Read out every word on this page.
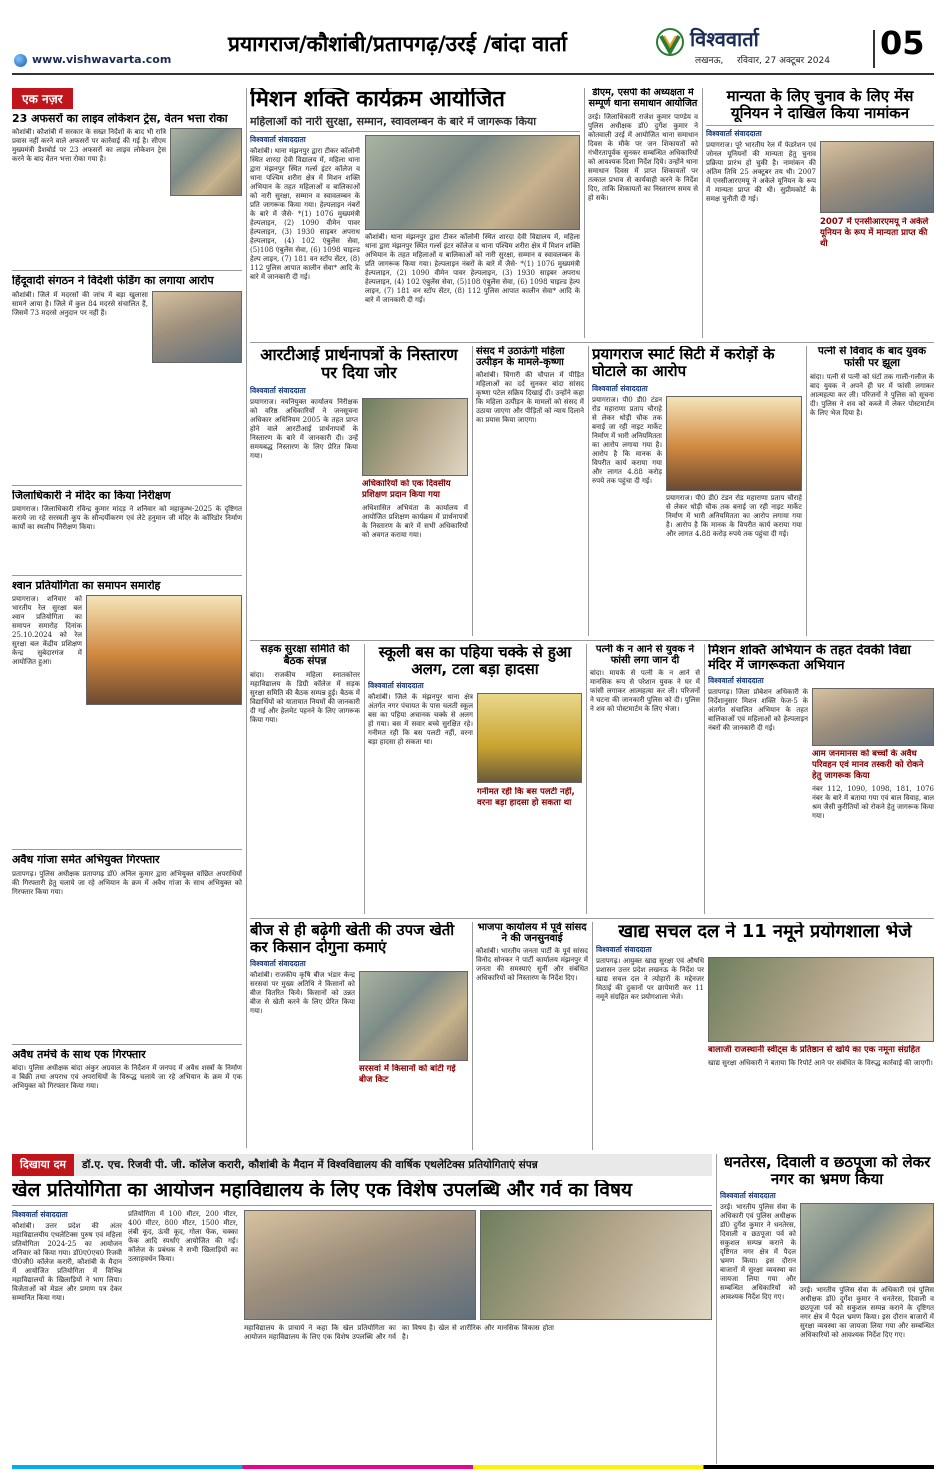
प्रयागराज/कौशांबी/प्रतापगढ़/उरई /बांदा वार्ता
www.vishwavarta.com
विश्ववार्ता
लखनऊ, रविवार, 27 अक्टूबर 2024 05
एक नज़र
23 अफसरों का लाइव लोकेशन ट्रेस, वेतन भत्ता रोका
कौशांबी। कौशांबी में सरकार के सख्त निर्देशों के बाद भी रात्रि प्रवास नहीं करने वाले अफसरों पर कार्रवाई की गई है। सीएम मुख्यमंत्री डैशबोर्ड पर 23 अफसरों का लाइव लोकेशन ट्रेस करने के बाद वेतन भत्ता रोका गया है।
हिंदूवादी संगठन ने विदेशी फंडिंग का लगाया आरोप
कौशांबी। जिले में मदरसों की जांच में बड़ा खुलासा सामने आया है। जिले में कुल 84 मदरसे संचालित हैं, जिसमें 73 मदरसे अनुदान पर नहीं हैं।
जिलाधिकारी ने मंदिर का किया निरीक्षण
प्रयागराज। जिलाधिकारी रविन्द्र कुमार मांदड़ ने शनिवार को महाकुम्भ-2025 के दृष्टिगत कराये जा रहे सरस्वती कूप के सौन्दर्यीकरण एवं लेटे हनुमान जी मंदिर के कॉरिडोर निर्माण कार्यों का स्थलीय निरीक्षण किया।
श्वान प्रतियोगिता का समापन समारोह
प्रयागराज। शनिवार को भारतीय रेल सुरक्षा बल श्वान प्रतियोगिता का समापन समारोह दिनांक 25.10.2024 को रेल सुरक्षा बल केंद्रीय प्रशिक्षण केन्द्र सुबेदारगंज में आयोजित हुआ।
अवैध गांजा समेत अभियुक्त गिरफ्तार
प्रतापगढ़। पुलिस अधीक्षक प्रतापगढ़ डॉ0 अनिल कुमार द्वारा अभियुक्त वांछित अपराधियों की गिरफ्तारी हेतु चलाये जा रहे अभियान के क्रम में अवैध गांजा के साथ अभियुक्त को गिरफ्तार किया गया।
अवैध तमंचे के साथ एक गिरफ्तार
बांदा। पुलिस अधीक्षक बांदा अंकुर अग्रवाल के निर्देशन में जनपद में अवैध शस्त्रों के निर्माण व बिक्री तथा अपराध एवं अपराधियों के विरूद्ध चलाये जा रहे अभियान के क्रम में एक अभियुक्त को गिरफ्तार किया गया।
मिशन शक्ति कार्यक्रम आयोजित
महिलाओं को नारी सुरक्षा, सम्मान, स्वावलम्बन के बारे में जागरूक किया
विश्ववार्ता संवाददाता
कौशांबी। थाना मंझनपुर द्वारा टीकर कॉलोनी स्थित शारदा देवी विद्यालय में, महिला थाना द्वारा मंझनपुर स्थित गर्ल्स इंटर कॉलेज व थाना पश्चिम शरीरा क्षेत्र में मिशन शक्ति अभियान के तहत महिलाओं व बालिकाओं को नारी सुरक्षा, सम्मान व स्वावलम्बन के प्रति जागरूक किया गया। हेल्पलाइन नंबरों के बारे में जैसे- *(1) 1076 मुख्यमंत्री हेल्पलाइन, (2) 1090 वीमेन पावर हेल्पलाइन, (3) 1930 साइबर अपराध हेल्पलाइन, (4) 102 एंबुलेंस सेवा, (5)108 एंबुलेंस सेवा, (6) 1098 चाइल्ड हेल्प लाइन, (7) 181 वन स्टॉप सेंटर, (8) 112 पुलिस आपात कालीन सेवा* आदि के बारे में जानकारी दी गई।
कौशांबी। थाना मंझनपुर द्वारा टीकर कॉलोनी स्थित शारदा देवी विद्यालय में, महिला थाना द्वारा मंझनपुर स्थित गर्ल्स इंटर कॉलेज व थाना पश्चिम शरीरा क्षेत्र में मिशन शक्ति अभियान के तहत महिलाओं व बालिकाओं को नारी सुरक्षा, सम्मान व स्वावलम्बन के प्रति जागरूक किया गया। हेल्पलाइन नंबरों के बारे में जैसे- *(1) 1076 मुख्यमंत्री हेल्पलाइन, (2) 1090 वीमेन पावर हेल्पलाइन, (3) 1930 साइबर अपराध हेल्पलाइन, (4) 102 एंबुलेंस सेवा, (5)108 एंबुलेंस सेवा, (6) 1098 चाइल्ड हेल्प लाइन, (7) 181 वन स्टॉप सेंटर, (8) 112 पुलिस आपात कालीन सेवा* आदि के बारे में जानकारी दी गई।
डीएम, एसपी की अध्यक्षता में सम्पूर्ण थाना समाधान आयोजित
उरई। जिलाधिकारी राजेश कुमार पाण्डेय व पुलिस अधीक्षक डॉ0 दुर्गेश कुमार ने कोतवाली उरई में आयोजित थाना समाधान दिवस के मौके पर जन शिकायतों को गंभीरतापूर्वक सुनकर सम्बन्धित अधिकारियों को आवश्यक दिशा निर्देश दिये। उन्होंने थाना समाधान दिवस में प्राप्त शिकायतों पर तत्काल प्रभाव से कार्यवाही करने के निर्देश दिए, ताकि शिकायतों का निस्तारण समय से हो सके।
मान्यता के लिए चुनाव के लिए मेंस यूनियन ने दाखिल किया नामांकन
विश्ववार्ता संवाददाता
प्रयागराज। पूरे भारतीय रेल में फेडरेशन एवं जोनल यूनियनों की मान्यता हेतु चुनाव प्रक्रिया प्रारंभ हो चुकी है। नामांकन की अंतिम तिथि 25 अक्टूबर तय थी। 2007 में एनसीआरएमयू ने अकेले यूनियन के रूप में मान्यता प्राप्त की थी। सुप्रीमकोर्ट के समक्ष चुनौती दी गई।
2007 में एनसीआरएमयू ने अकेले यूनियन के रूप में मान्यता प्राप्त की थी
आरटीआई प्रार्थनापत्रों के निस्तारण पर दिया जोर
विश्ववार्ता संवाददाता
प्रयागराज। नवनियुक्त कार्यालय निरीक्षक को वरिष्ठ अधिकारियों ने जनसूचना अधिकार अधिनियम 2005 के तहत प्राप्त होने वाले आरटीआई प्रार्थनापत्रों के निस्तारण के बारे में जानकारी दी। उन्हें समयबद्ध निस्तारण के लिए प्रेरित किया गया।
अधिकारियों को एक दिवसीय प्रशिक्षण प्रदान किया गया
अधिशासित अभियंता के कार्यालय में आयोजित प्रशिक्षण कार्यक्रम में प्रार्थनापत्रों के निस्तारण के बारे में सभी अधिकारियों को अवगत कराया गया।
संसद में उठाऊंगी महिला उत्पीड़न के मामले-कृष्णा
कौशांबी। चिंगारी की चौपाल में पीड़ित महिलाओं का दर्द सुनकर बांदा सांसद कृष्णा पटेल सक्रिय दिखाई दीं। उन्होंने कहा कि महिला उत्पीड़न के मामलों को संसद में उठाया जाएगा और पीड़ितों को न्याय दिलाने का प्रयास किया जाएगा।
प्रयागराज स्मार्ट सिटी में करोड़ों के घोटाले का आरोप
विश्ववार्ता संवाददाता
प्रयागराज। पी0 डी0 टंडन रोड महाराणा प्रताप चौराहे से लेकर थोड़ी चौक तक बनाई जा रही नाइट मार्केट निर्माण में भारी अनियमितता का आरोप लगाया गया है। आरोप है कि मानक के विपरीत कार्य कराया गया और लागत 4.88 करोड़ रुपये तक पहुंचा दी गई।
प्रयागराज। पी0 डी0 टंडन रोड महाराणा प्रताप चौराहे से लेकर थोड़ी चौक तक बनाई जा रही नाइट मार्केट निर्माण में भारी अनियमितता का आरोप लगाया गया है। आरोप है कि मानक के विपरीत कार्य कराया गया और लागत 4.88 करोड़ रुपये तक पहुंचा दी गई।
पत्नी से विवाद के बाद युवक फांसी पर झूला
बांदा। पत्नी से पत्नी को घंटों तक गाली-गलौज के बाद युवक ने अपने ही घर में फांसी लगाकर आत्महत्या कर ली। परिजनों ने पुलिस को सूचना दी। पुलिस ने शव को कब्जे में लेकर पोस्टमार्टम के लिए भेज दिया है।
सड़क सुरक्षा समिति की बैठक संपन्न
बांदा। राजकीय महिला स्नातकोत्तर महाविद्यालय के डिग्री कॉलेज में सड़क सुरक्षा समिति की बैठक सम्पन्न हुई। बैठक में विद्यार्थियों को यातायात नियमों की जानकारी दी गई और हेलमेट पहनने के लिए जागरूक किया गया।
स्कूली बस का पहिया चक्के से हुआ अलग, टला बड़ा हादसा
विश्ववार्ता संवाददाता
कौशांबी। जिले के मंझनपुर थाना क्षेत्र अंतर्गत नगर पंचायत के पास चलती स्कूल बस का पहिया अचानक चक्के से अलग हो गया। बस में सवार बच्चे सुरक्षित रहे। गनीमत रही कि बस पलटी नहीं, वरना बड़ा हादसा हो सकता था।
गनीमत रही कि बस पलटी नहीं, वरना बड़ा हादसा हो सकता था
पत्नी के न आने से युवक ने फांसी लगा जान दी
बांदा। मायके से पत्नी के न आने से मानसिक रूप से परेशान युवक ने घर में फांसी लगाकर आत्महत्या कर ली। परिजनों ने घटना की जानकारी पुलिस को दी। पुलिस ने शव को पोस्टमार्टम के लिए भेजा।
मिशन शक्ति अभियान के तहत देवकी विद्या मंदिर में जागरूकता अभियान
विश्ववार्ता संवाददाता
प्रतापगढ़। जिला प्रोबेशन अधिकारी के निर्देशानुसार मिशन शक्ति फेज-5 के अंतर्गत संचालित अभियान के तहत बालिकाओं एवं महिलाओं को हेल्पलाइन नंबरों की जानकारी दी गई।
आम जनमानस को बच्चों के अवैध परिवहन एवं मानव तस्करी को रोकने हेतु जागरूक किया
नंबर 112, 1090, 1098, 181, 1076 नंबर के बारे में बताया गया एवं बाल विवाह, बाल श्रम जैसी कुरीतियों को रोकने हेतु जागरूक किया गया।
बीज से ही बढ़ेगी खेती की उपज खेती कर किसान दोगुना कमाएं
विश्ववार्ता संवाददाता
कौशांबी। राजकीय कृषि बीज भंडार केन्द्र सरसवां पर मुख्य अतिथि ने किसानों को बीज वितरित किये। किसानों को उन्नत बीज से खेती करने के लिए प्रेरित किया गया।
सरसवां में किसानों को बांटी गई बीज किट
भाजपा कार्यालय में पूर्व सांसद ने की जनसुनवाई
कौशांबी। भारतीय जनता पार्टी के पूर्व सांसद विनोद सोनकर ने पार्टी कार्यालय मंझनपुर में जनता की समस्याएं सुनीं और संबंधित अधिकारियों को निस्तारण के निर्देश दिए।
खाद्य सचल दल ने 11 नमूने प्रयोगशाला भेजे
विश्ववार्ता संवाददाता
प्रतापगढ़। आयुक्त खाद्य सुरक्षा एवं औषधि प्रशासन उत्तर प्रदेश लखनऊ के निर्देश पर खाद्य सचल दल ने त्योहारों के मद्देनजर मिठाई की दुकानों पर छापेमारी कर 11 नमूने संग्रहित कर प्रयोगशाला भेजे।
बालाजी राजस्थानी स्वीट्स के प्रतिष्ठान से खोये का एक नमूना संग्रहित
खाद्य सुरक्षा अधिकारी ने बताया कि रिपोर्ट आने पर संबंधित के विरुद्ध कार्रवाई की जाएगी।
दिखाया दम	डॉ.ए. एच. रिजवी पी. जी. कॉलेज करारी, कौशांबी के मैदान में विश्वविद्यालय की वार्षिक एथलेटिक्स प्रतियोगिताएं संपन्न
खेल प्रतियोगिता का आयोजन महाविद्यालय के लिए एक विशेष उपलब्धि और गर्व का विषय
विश्ववार्ता संवाददाता
कौशांबी। उत्तर प्रदेश की अंतर महाविद्यालयीय एथलेटिक्स पुरुष एवं महिला प्रतियोगिता 2024-25 का आयोजन शनिवार को किया गया। डॉ0ए0एच0 रिजवी पी0जी0 कॉलेज करारी, कौशांबी के मैदान में आयोजित प्रतियोगिता में विभिन्न महाविद्यालयों के खिलाड़ियों ने भाग लिया। विजेताओं को मेडल और प्रमाण पत्र देकर सम्मानित किया गया।
प्रतियोगिता में 100 मीटर, 200 मीटर, 400 मीटर, 800 मीटर, 1500 मीटर, लंबी कूद, ऊंची कूद, गोला फेंक, चक्का फेंक आदि स्पर्धाएं आयोजित की गईं। कॉलेज के प्रबंधक ने सभी खिलाड़ियों का उत्साहवर्धन किया।
महाविद्यालय के प्राचार्य ने कहा कि खेल प्रतियोगिता का आयोजन महाविद्यालय के लिए एक विशेष उपलब्धि और गर्व का विषय है। खेल से शारीरिक और मानसिक विकास होता है।
धनतेरस, दिवाली व छठपूजा को लेकर नगर का भ्रमण किया
विश्ववार्ता संवाददाता
उरई। भारतीय पुलिस सेवा के अधिकारी एवं पुलिस अधीक्षक डॉ0 दुर्गेश कुमार ने धनतेरस, दिवाली व छठपूजा पर्व को सकुशल सम्पन्न कराने के दृष्टिगत नगर क्षेत्र में पैदल भ्रमण किया। इस दौरान बाजारों में सुरक्षा व्यवस्था का जायजा लिया गया और सम्बन्धित अधिकारियों को आवश्यक निर्देश दिए गए।
उरई। भारतीय पुलिस सेवा के अधिकारी एवं पुलिस अधीक्षक डॉ0 दुर्गेश कुमार ने धनतेरस, दिवाली व छठपूजा पर्व को सकुशल सम्पन्न कराने के दृष्टिगत नगर क्षेत्र में पैदल भ्रमण किया। इस दौरान बाजारों में सुरक्षा व्यवस्था का जायजा लिया गया और सम्बन्धित अधिकारियों को आवश्यक निर्देश दिए गए।
